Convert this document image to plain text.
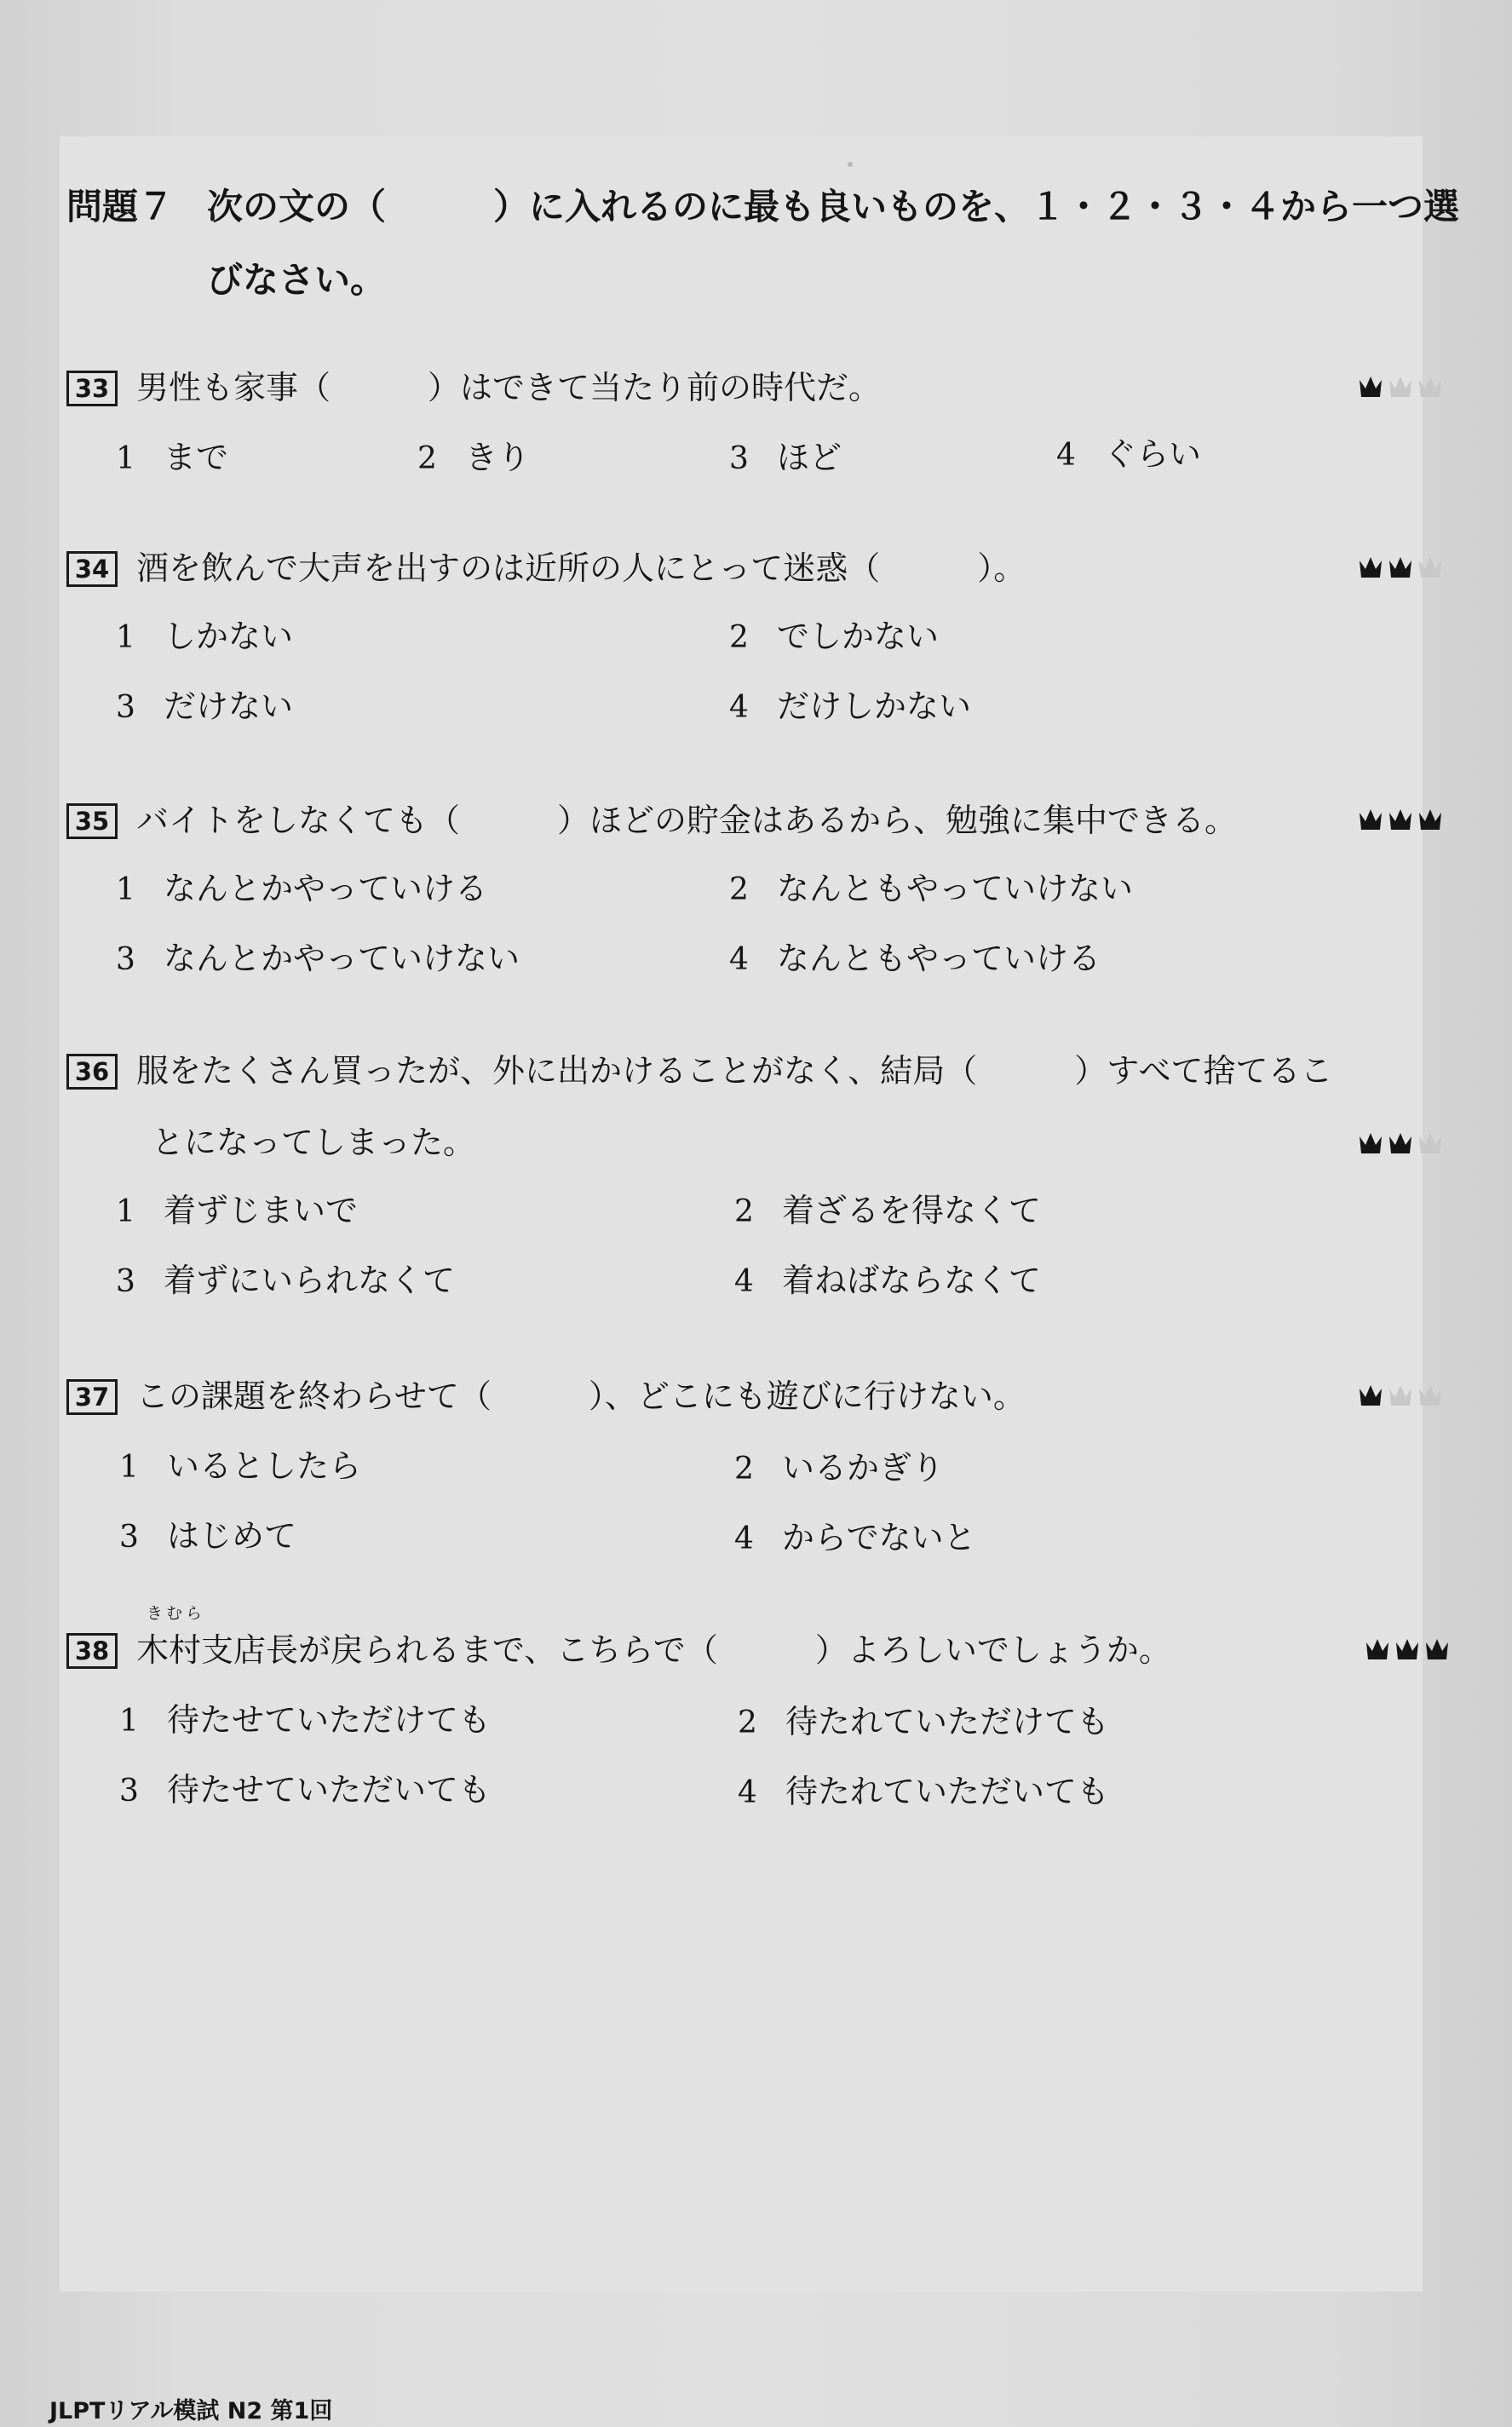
問題７ 次の文の（　　　）に入れるのに最も良いものを、１・２・３・４から一つ選びなさい。
33 男性も家事（　　　）はできて当たり前の時代だ。
1 まで	2 きり	3 ほど	4 ぐらい
34 酒を飲んで大声を出すのは近所の人にとって迷惑（　　　）。
1 しかない	2 でしかない
3 だけない	4 だけしかない
35 バイトをしなくても（　　　）ほどの貯金はあるから、勉強に集中できる。
1 なんとかやっていける	2 なんともやっていけない
3 なんとかやっていけない	4 なんともやっていける
36 服をたくさん買ったが、外に出かけることがなく、結局（　　　）すべて捨てるこ
とになってしまった。
1 着ずじまいで	2 着ざるを得なくて
3 着ずにいられなくて	4 着ねばならなくて
37 この課題を終わらせて（　　　）、どこにも遊びに行けない。
1 いるとしたら	2 いるかぎり
3 はじめて	4 からでないと
38
きむら
木村支店長が戻られるまで、こちらで（　　　）よろしいでしょうか。
1 待たせていただけても	2 待たれていただけても
3 待たせていただいても	4 待たれていただいても
JLPTリアル模試 N2 第1回
